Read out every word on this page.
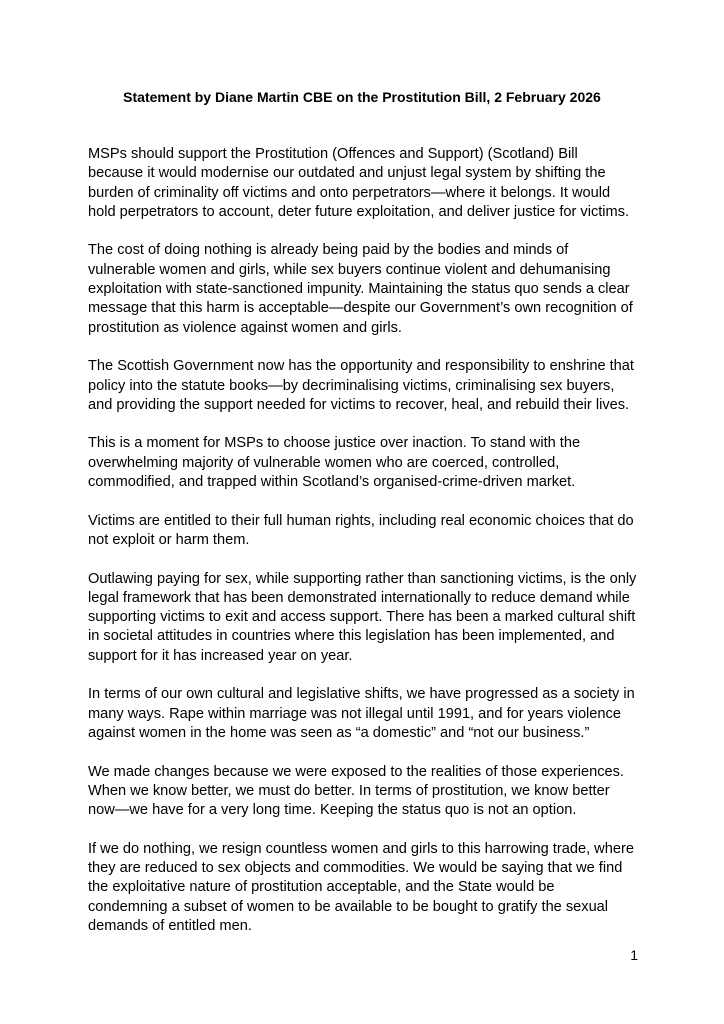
Statement by Diane Martin CBE on the Prostitution Bill, 2 February 2026

MSPs should support the Prostitution (Offences and Support) (Scotland) Bill
because it would modernise our outdated and unjust legal system by shifting the
burden of criminality off victims and onto perpetrators—where it belongs. It would
hold perpetrators to account, deter future exploitation, and deliver justice for victims.

The cost of doing nothing is already being paid by the bodies and minds of
vulnerable women and girls, while sex buyers continue violent and dehumanising
exploitation with state-sanctioned impunity. Maintaining the status quo sends a clear
message that this harm is acceptable—despite our Government’s own recognition of
prostitution as violence against women and girls.

The Scottish Government now has the opportunity and responsibility to enshrine that
policy into the statute books—by decriminalising victims, criminalising sex buyers,
and providing the support needed for victims to recover, heal, and rebuild their lives.

This is a moment for MSPs to choose justice over inaction. To stand with the
overwhelming majority of vulnerable women who are coerced, controlled,
commodified, and trapped within Scotland’s organised-crime-driven market.

Victims are entitled to their full human rights, including real economic choices that do
not exploit or harm them.

Outlawing paying for sex, while supporting rather than sanctioning victims, is the only
legal framework that has been demonstrated internationally to reduce demand while
supporting victims to exit and access support. There has been a marked cultural shift
in societal attitudes in countries where this legislation has been implemented, and
support for it has increased year on year.

In terms of our own cultural and legislative shifts, we have progressed as a society in
many ways. Rape within marriage was not illegal until 1991, and for years violence
against women in the home was seen as “a domestic” and “not our business.”

We made changes because we were exposed to the realities of those experiences.
When we know better, we must do better. In terms of prostitution, we know better
now—we have for a very long time. Keeping the status quo is not an option.

If we do nothing, we resign countless women and girls to this harrowing trade, where
they are reduced to sex objects and commodities. We would be saying that we find
the exploitative nature of prostitution acceptable, and the State would be
condemning a subset of women to be available to be bought to gratify the sexual
demands of entitled men.

1
